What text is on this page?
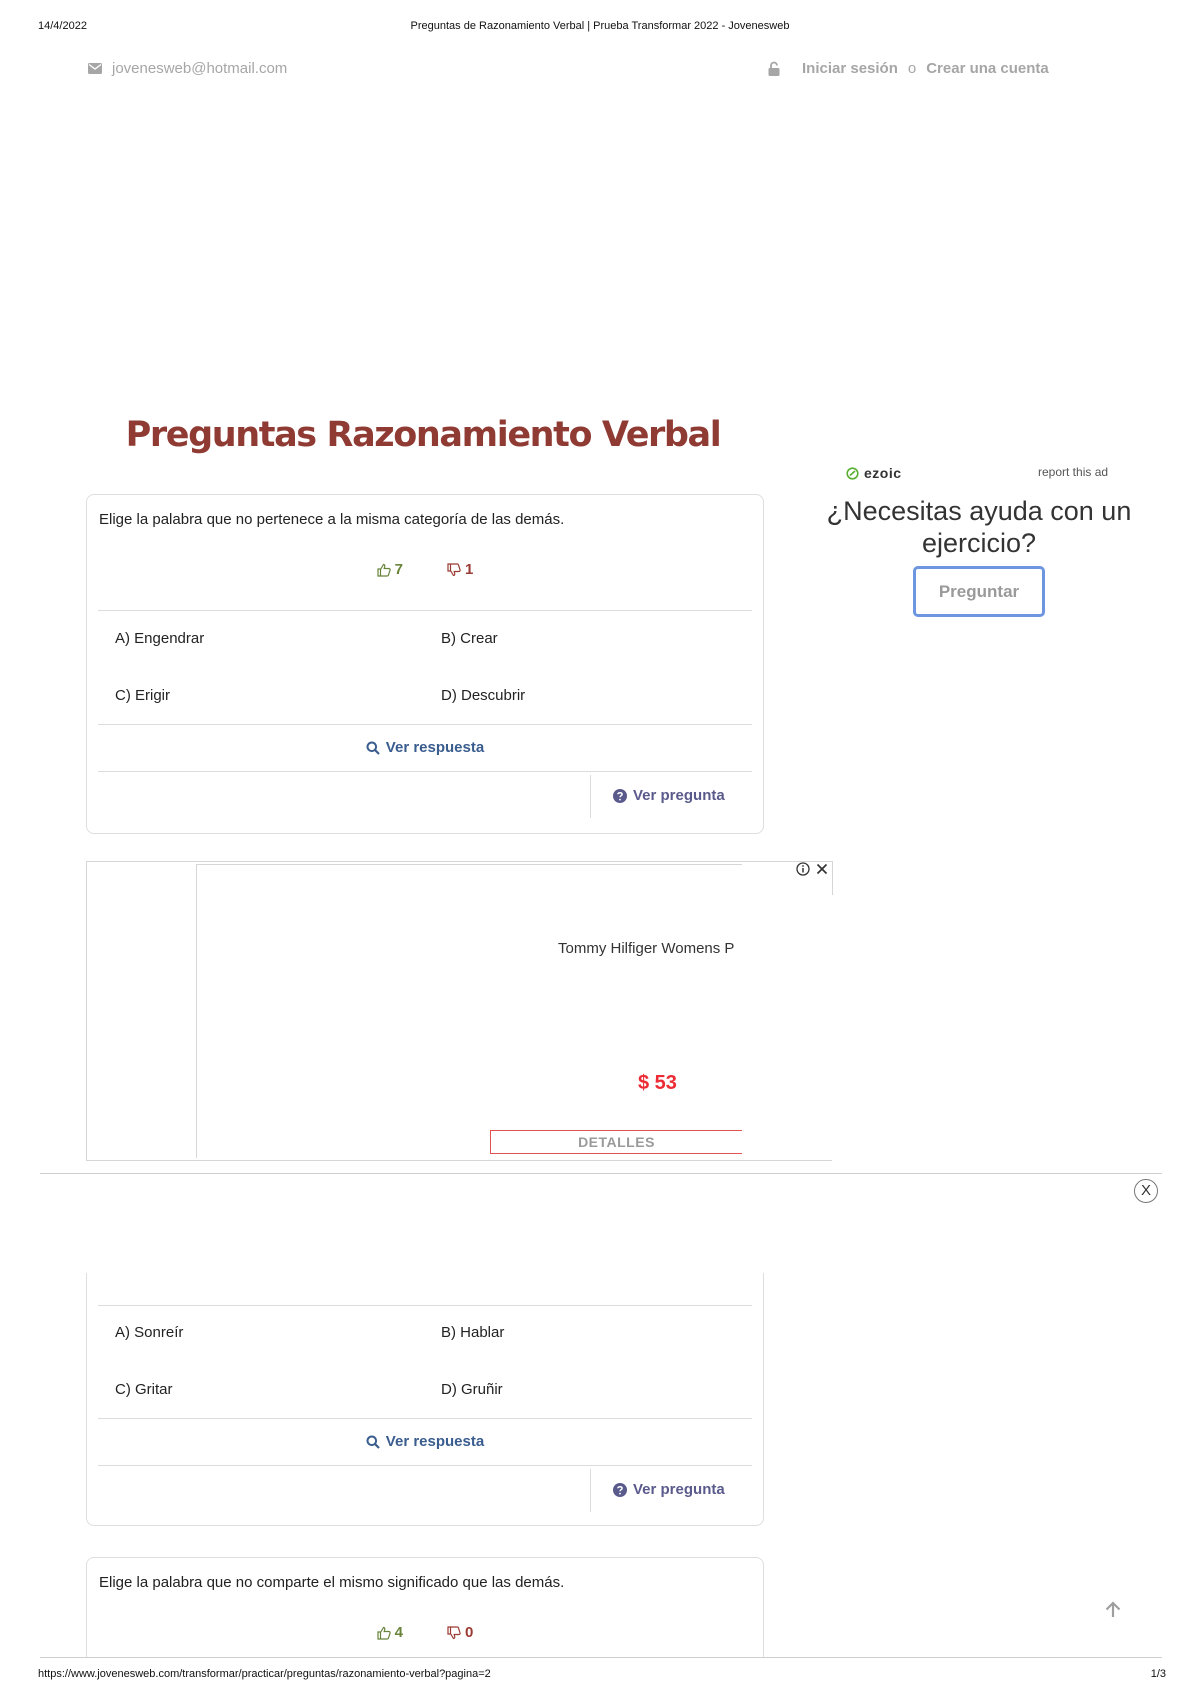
14/4/2022	Preguntas de Razonamiento Verbal | Prueba Transformar 2022 - Jovenesweb
https://www.jovenesweb.com/transformar/practicar/preguntas/razonamiento-verbal?pagina=2	1/3
jovenesweb@hotmail.com	Iniciar sesión o Crear una cuenta
Preguntas Razonamiento Verbal
Elige la palabra que no pertenece a la misma categoría de las demás.
7	1
A) Engendrar	B) Crear
C) Erigir	D) Descubrir
Ver respuesta
Ver pregunta
Tommy Hilfiger Womens P
$ 53
DETALLES
X
A) Sonreír	B) Hablar
C) Gritar	D) Gruñir
Ver respuesta
Ver pregunta
Elige la palabra que no comparte el mismo significado que las demás.
4	0
ezoic	report this ad
¿Necesitas ayuda con un ejercicio?
Preguntar
